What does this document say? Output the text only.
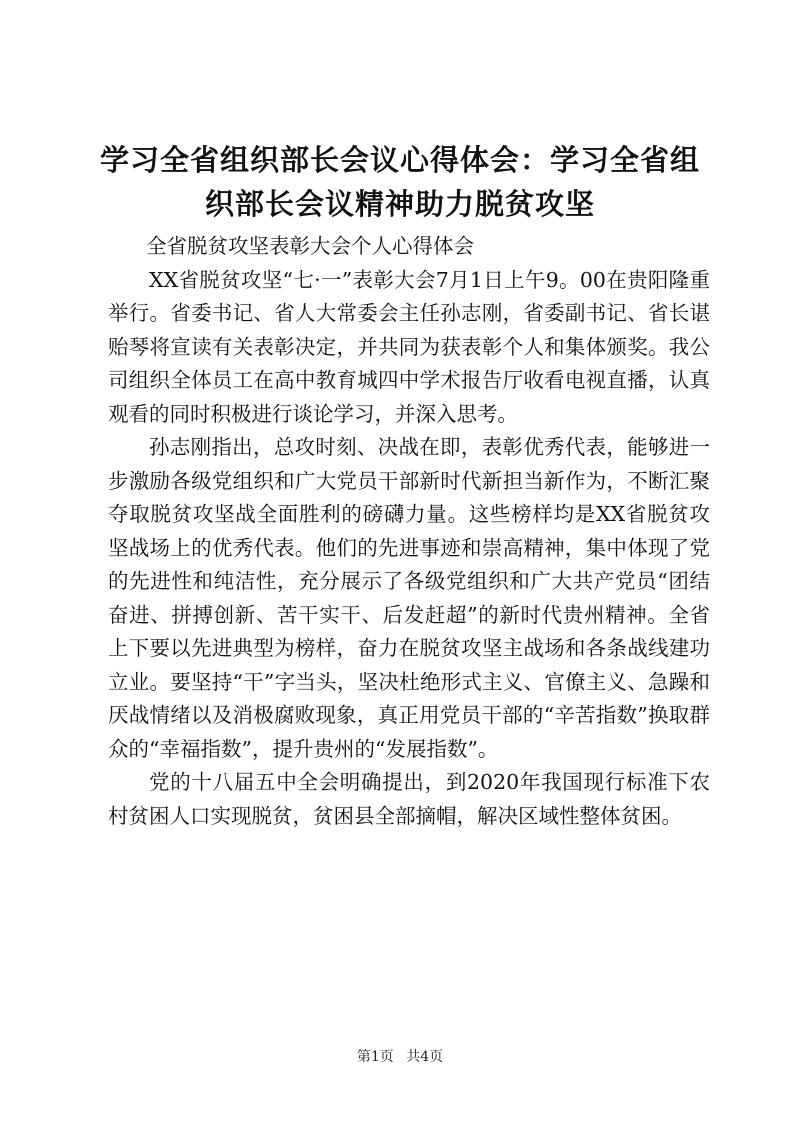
学习全省组织部长会议心得体会：学习全省组
织部长会议精神助力脱贫攻坚

全省脱贫攻坚表彰大会个人心得体会

XX省脱贫攻坚“七·一”表彰大会7月1日上午9。00在贵阳隆重举行。省委书记、省人大常委会主任孙志刚，省委副书记、省长谌贻琴将宣读有关表彰决定，并共同为获表彰个人和集体颁奖。我公司组织全体员工在高中教育城四中学术报告厅收看电视直播，认真观看的同时积极进行谈论学习，并深入思考。

孙志刚指出，总攻时刻、决战在即，表彰优秀代表，能够进一步激励各级党组织和广大党员干部新时代新担当新作为，不断汇聚夺取脱贫攻坚战全面胜利的磅礴力量。这些榜样均是XX省脱贫攻坚战场上的优秀代表。他们的先进事迹和崇高精神，集中体现了党的先进性和纯洁性，充分展示了各级党组织和广大共产党员“团结奋进、拼搏创新、苦干实干、后发赶超”的新时代贵州精神。全省上下要以先进典型为榜样，奋力在脱贫攻坚主战场和各条战线建功立业。要坚持“干”字当头，坚决杜绝形式主义、官僚主义、急躁和厌战情绪以及消极腐败现象，真正用党员干部的“辛苦指数”换取群众的“幸福指数”，提升贵州的“发展指数”。

党的十八届五中全会明确提出，到2020年我国现行标准下农村贫困人口实现脱贫，贫困县全部摘帽，解决区域性整体贫困。

第1页 共4页
